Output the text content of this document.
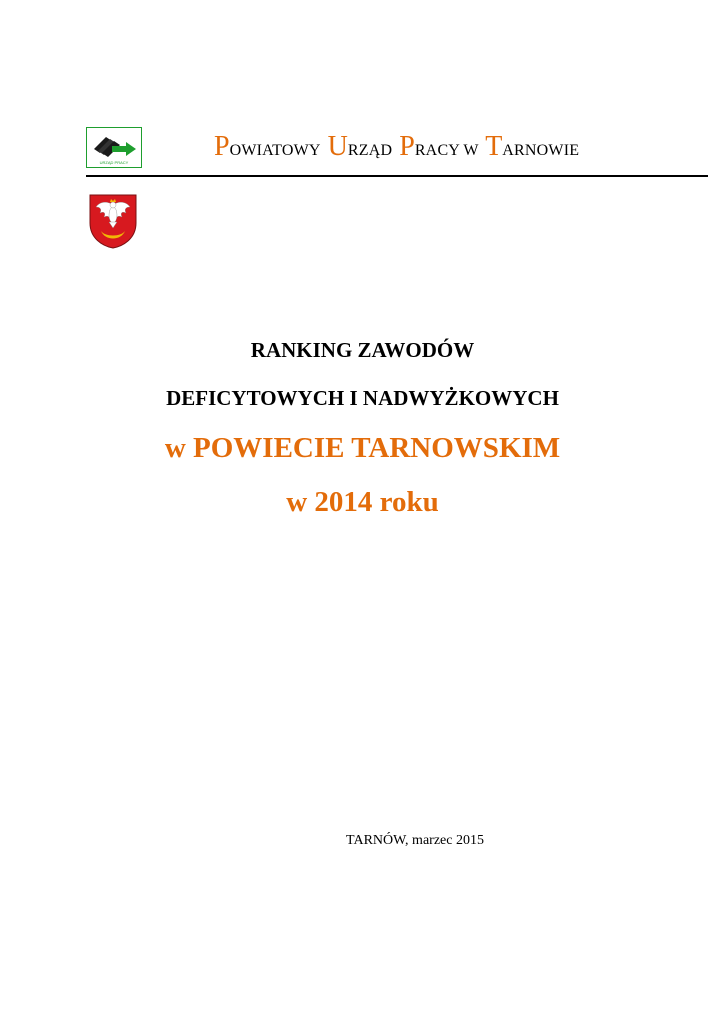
URZĄD PRACY
POWIATOWY URZĄD PRACY W TARNOWIE
RANKING ZAWODÓW
DEFICYTOWYCH I NADWYŻKOWYCH
w POWIECIE TARNOWSKIM
w 2014 roku
TARNÓW, marzec 2015
